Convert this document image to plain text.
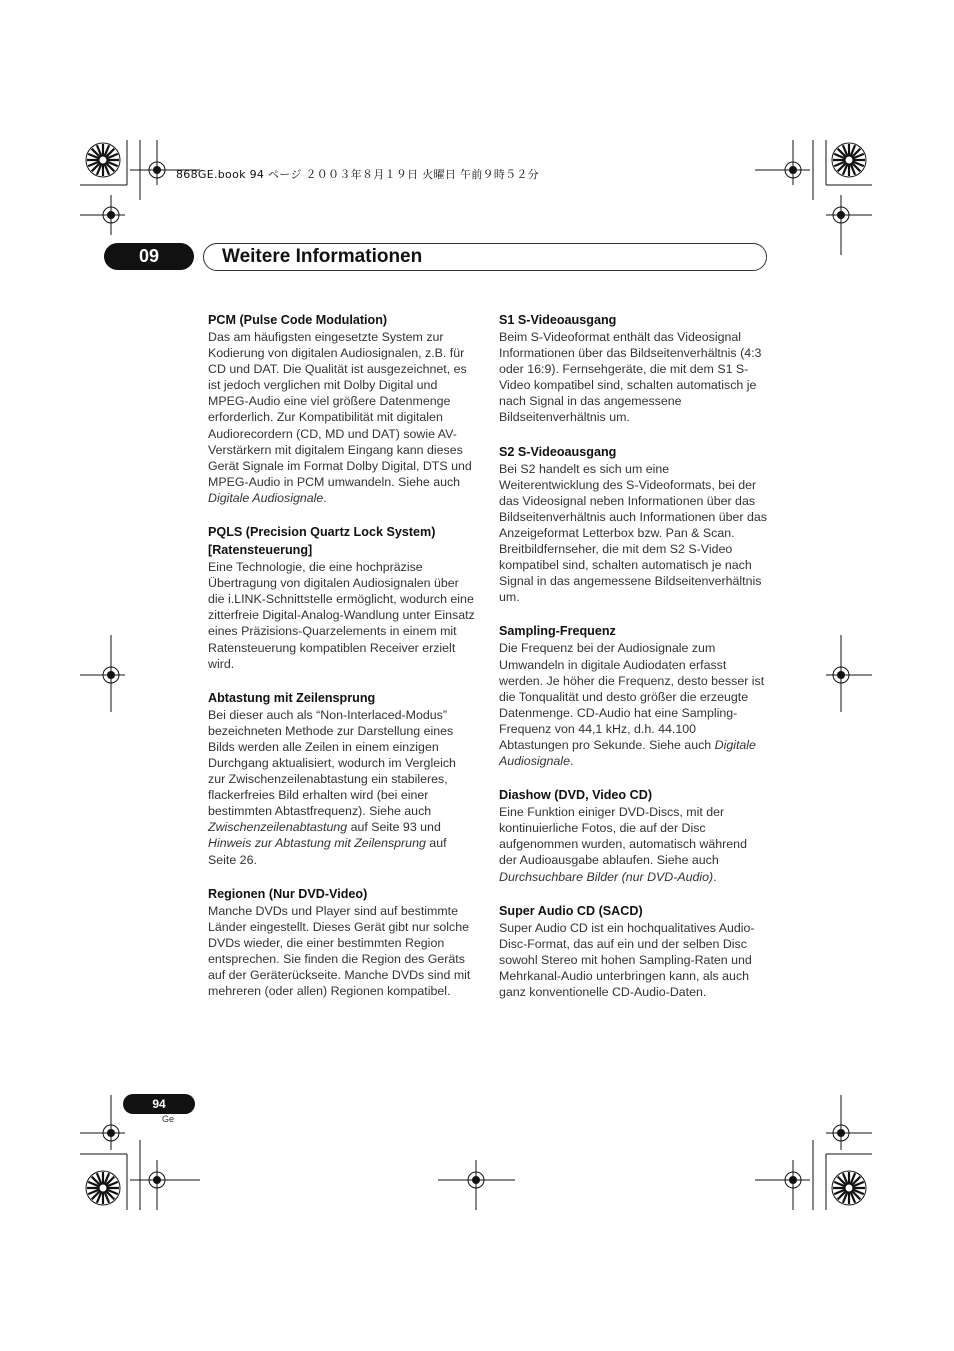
868GE.book 94 ページ ２００３年８月１９日 火曜日 午前９時５２分
09	Weitere Informationen
PCM (Pulse Code Modulation)

Das am häufigsten eingesetzte System zur Kodierung von digitalen Audiosignalen, z.B. für CD und DAT. Die Qualität ist ausgezeichnet, es ist jedoch verglichen mit Dolby Digital und MPEG-Audio eine viel größere Datenmenge erforderlich. Zur Kompatibilität mit digitalen Audiorecordern (CD, MD und DAT) sowie AV-Verstärkern mit digitalem Eingang kann dieses Gerät Signale im Format Dolby Digital, DTS und MPEG-Audio in PCM umwandeln. Siehe auch Digitale Audiosignale.

PQLS (Precision Quartz Lock System) [Ratensteuerung]

Eine Technologie, die eine hochpräzise Übertragung von digitalen Audiosignalen über die i.LINK-Schnittstelle ermöglicht, wodurch eine zitterfreie Digital-Analog-Wandlung unter Einsatz eines Präzisions-Quarzelements in einem mit Ratensteuerung kompatiblen Receiver erzielt wird.

Abtastung mit Zeilensprung

Bei dieser auch als “Non-Interlaced-Modus” bezeichneten Methode zur Darstellung eines Bilds werden alle Zeilen in einem einzigen Durchgang aktualisiert, wodurch im Vergleich zur Zwischenzeilenabtastung ein stabileres, flackerfreies Bild erhalten wird (bei einer bestimmten Abtastfrequenz). Siehe auch Zwischenzeilenabtastung auf Seite 93 und Hinweis zur Abtastung mit Zeilensprung auf Seite 26.

Regionen (Nur DVD-Video)

Manche DVDs und Player sind auf bestimmte Länder eingestellt. Dieses Gerät gibt nur solche DVDs wieder, die einer bestimmten Region entsprechen. Sie finden die Region des Geräts auf der Geräterückseite. Manche DVDs sind mit mehreren (oder allen) Regionen kompatibel.

S1 S-Videoausgang

Beim S-Videoformat enthält das Videosignal Informationen über das Bildseitenverhältnis (4:3 oder 16:9). Fernsehgeräte, die mit dem S1 S-Video kompatibel sind, schalten automatisch je nach Signal in das angemessene Bildseitenverhältnis um.

S2 S-Videoausgang

Bei S2 handelt es sich um eine Weiterentwicklung des S-Videoformats, bei der das Videosignal neben Informationen über das Bildseitenverhältnis auch Informationen über das Anzeigeformat Letterbox bzw. Pan & Scan. Breitbildfernseher, die mit dem S2 S-Video kompatibel sind, schalten automatisch je nach Signal in das angemessene Bildseitenverhältnis um.

Sampling-Frequenz

Die Frequenz bei der Audiosignale zum Umwandeln in digitale Audiodaten erfasst werden. Je höher die Frequenz, desto besser ist die Tonqualität und desto größer die erzeugte Datenmenge. CD-Audio hat eine Sampling-Frequenz von 44,1 kHz, d.h. 44.100 Abtastungen pro Sekunde. Siehe auch Digitale Audiosignale.

Diashow (DVD, Video CD)

Eine Funktion einiger DVD-Discs, mit der kontinuierliche Fotos, die auf der Disc aufgenommen wurden, automatisch während der Audioausgabe ablaufen. Siehe auch Durchsuchbare Bilder (nur DVD-Audio).

Super Audio CD (SACD)

Super Audio CD ist ein hochqualitatives Audio-Disc-Format, das auf ein und der selben Disc sowohl Stereo mit hohen Sampling-Raten und Mehrkanal-Audio unterbringen kann, als auch ganz konventionelle CD-Audio-Daten.

94
Ge
